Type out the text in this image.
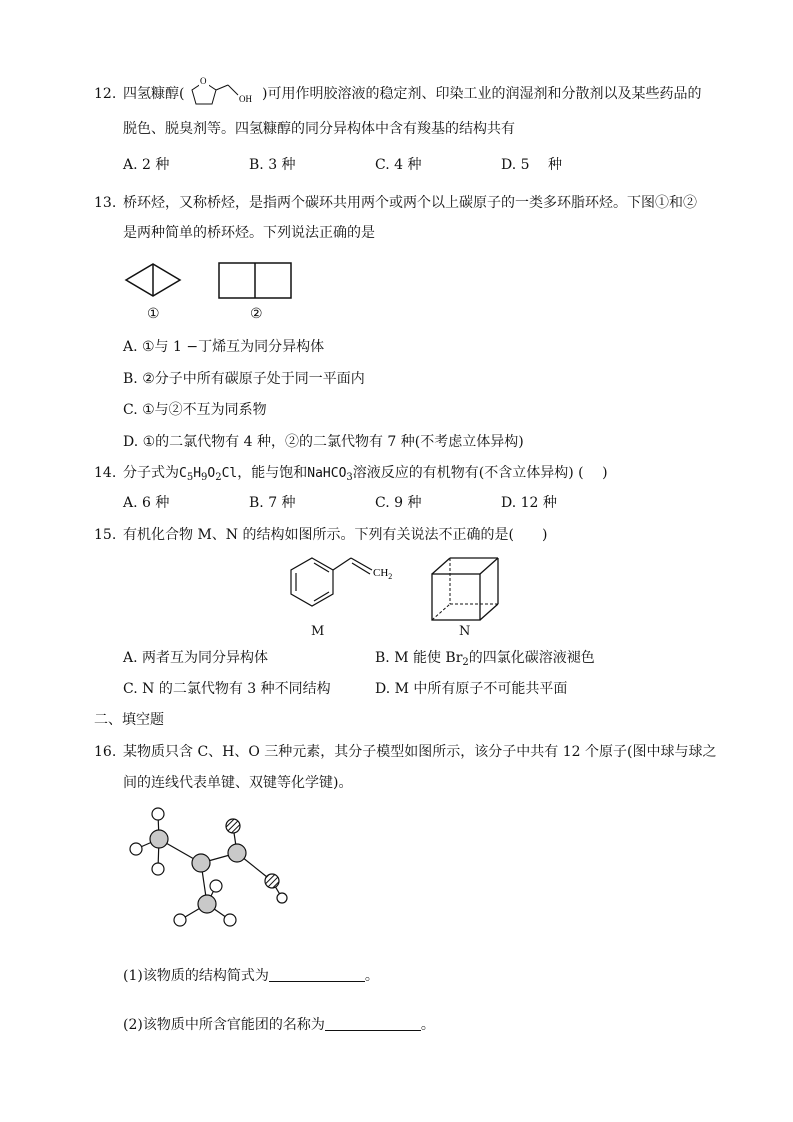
12. 四氢糠醇(
O
OH )可用作明胶溶液的稳定剂、印染工业的润湿剂和分散剂以及某些药品的
脱色、脱臭剂等。四氢糠醇的同分异构体中含有羧基的结构共有
A. 2 种	B. 3 种	C. 4 种	D. 5　 种
13. 桥环烃，又称桥烃，是指两个碳环共用两个或两个以上碳原子的一类多环脂环烃。下图①和②
是两种简单的桥环烃。下列说法正确的是
①	②
A. ①与 1 −丁烯互为同分异构体
B. ②分子中所有碳原子处于同一平面内
C. ①与②不互为同系物
D. ①的二氯代物有 4 种，②的二氯代物有 7 种(不考虑立体异构)
14. 分子式为$C_5H_9O_2Cl$，能与饱和NaHCO$_3$溶液反应的有机物有(不含立体异构) (　 )
A. 6 种	B. 7 种	C. 9 种	D. 12 种
15. 有机化合物 M、N 的结构如图所示。下列有关说法不正确的是(　　)
$CH_2$
M	N
A. 两者互为同分异构体	B. M 能使 $Br_2$的四氯化碳溶液褪色
C. N 的二氯代物有 3 种不同结构	D. M 中所有原子不可能共平面
二、填空题
16. 某物质只含 C、H、O 三种元素，其分子模型如图所示，该分子中共有 12 个原子(图中球与球之
间的连线代表单键、双键等化学键)。
(1)该物质的结构简式为	。
(2)该物质中所含官能团的名称为	。
